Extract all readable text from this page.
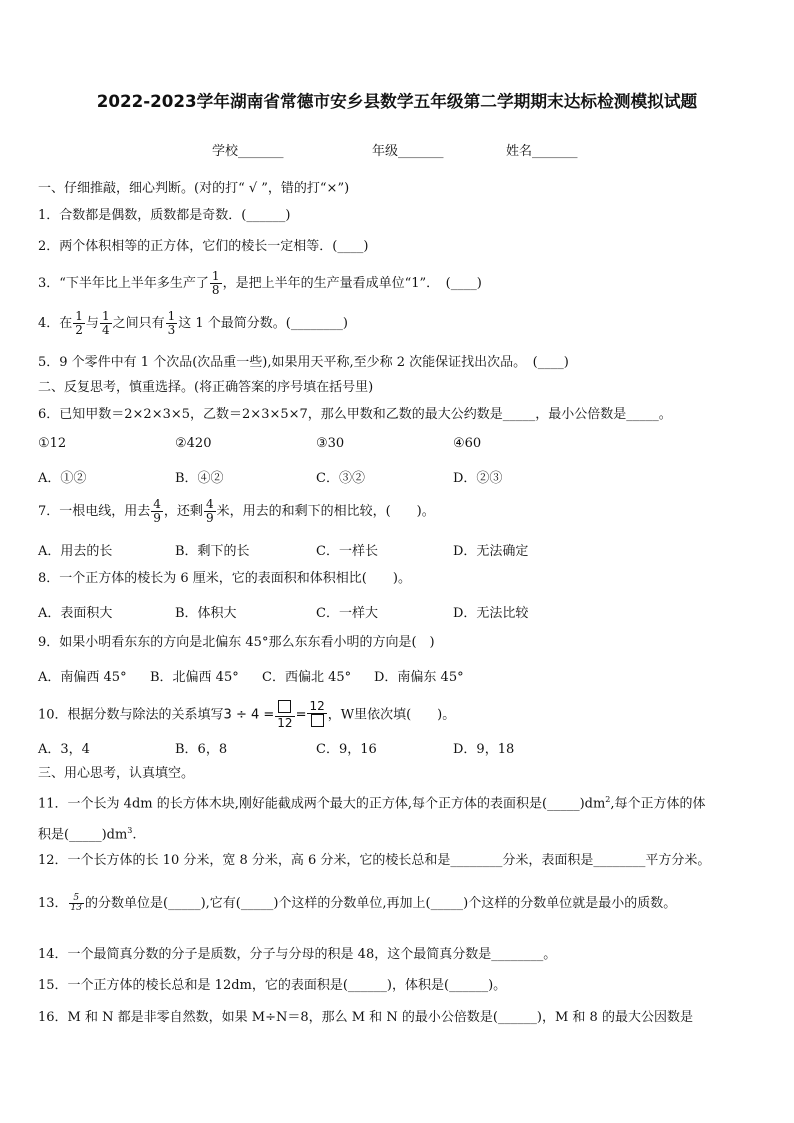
2022-2023学年湖南省常德市安乡县数学五年级第二学期期末达标检测模拟试题
学校_______	年级_______	姓名_______
一、仔细推敲，细心判断。(对的打“ √ ”，错的打“×”)
1．合数都是偶数，质数都是奇数．(______)
2．两个体积相等的正方体，它们的棱长一定相等．(____)
3．“下半年比上半年多生产了 $\frac{1}{8}$ ，是把上半年的生产量看成单位“1”．　(____)
4．在 $\frac{1}{2}$ 与 $\frac{1}{4}$ 之间只有 $\frac{1}{3}$ 这 1 个最简分数。(________)
5．9 个零件中有 1 个次品(次品重一些),如果用天平称,至少称 2 次能保证找出次品。　(____)
二、反复思考，慎重选择。(将正确答案的序号填在括号里)
6．已知甲数＝2×2×3×5，乙数＝2×3×5×7，那么甲数和乙数的最大公约数是_____，最小公倍数是_____。
①12	②420	③30	④60
A．①②	B．④②	C．③②	D．②③
7．一根电线，用去 $\frac{4}{9}$ ，还剩 $\frac{4}{9}$ 米，用去的和剩下的相比较，(　　)。
A．用去的长	B．剩下的长	C．一样长	D．无法确定
8．一个正方体的棱长为 6 厘米，它的表面积和体积相比(　　)。
A．表面积大	B．体积大	C．一样大	D．无法比较
9．如果小明看东东的方向是北偏东 45°那么东东看小明的方向是(　)
A．南偏西 45° B．北偏西 45° C．西偏北 45° D．南偏东 45°
10．根据分数与除法的关系填写3 ÷ 4 =
12
=
12
，W里依次填(　　)。
A．3，4	B．6，8	C．9，16	D．9，18
三、用心思考，认真填空。
11．一个长为 4dm 的长方体木块,刚好能截成两个最大的正方体,每个正方体的表面积是$(\_\_\_\_\_)dm^2$,每个正方体的体
积是$(\_\_\_\_\_)dm^3$.
12．一个长方体的长 10 分米，宽 8 分米，高 6 分米，它的棱长总和是________分米，表面积是________平方分米。
13． $\frac{5}{13}$ 的分数单位是(_____),它有(_____)个这样的分数单位,再加上(_____)个这样的分数单位就是最小的质数。
14．一个最简真分数的分子是质数，分子与分母的积是 48，这个最简真分数是________。
15．一个正方体的棱长总和是 12dm，它的表面积是(______)，体积是(______)。
16．M 和 N 都是非零自然数，如果 M÷N＝8，那么 M 和 N 的最小公倍数是(______)，M 和 8 的最大公因数是
